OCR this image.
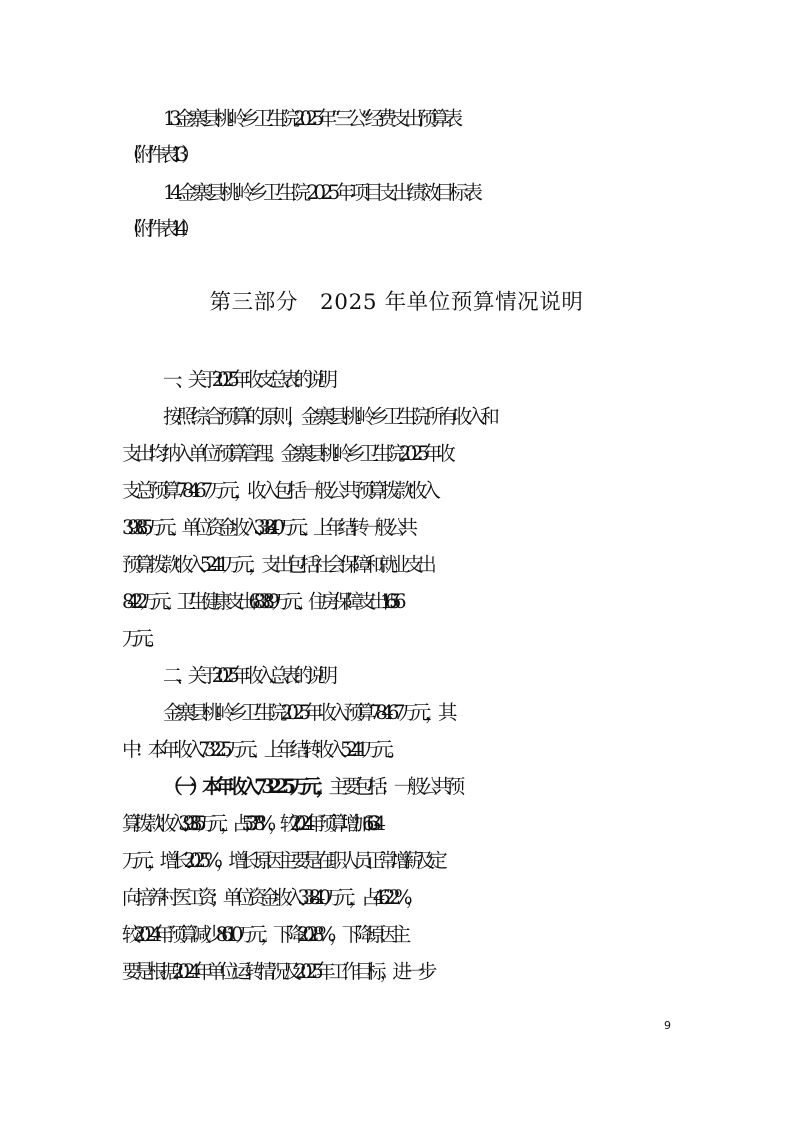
13.金寨县桃岭乡卫生院 2025 年“三公”经费支出预算表
（附件表 13）
14.金寨县桃岭乡卫生院 2025 年项目支出绩效目标表
（附件表 14）
第三部分　2025 年单位预算情况说明
一、关于 2025 年收支总表的说明
按照综合预算的原则，金寨县桃岭乡卫生院所有收入和
支出均纳入单位预算管理。金寨县桃岭乡卫生院 2025 年收
支总预算 784.67 万元，收入包括一般公共预算拨款收入
393.85 万元、单位资金收入 338.40 万元、上年结转一般公共
预算拨款收入 52.41 万元，支出包括社会保障和就业支出
84.22 万元、卫生健康支出 683.89 万元、住房保障支出 16.56
万元。
二、关于 2025 年收入总表的说明
金寨县桃岭乡卫生院 2025 年收入预算 784.67 万元，其
中：本年收入 732.25 万元、上年结转收入 52.41 万元。
（一）本年收入 732.25 万元，主要包括：一般公共预
算拨款收入 393.85 万元，占 53.78%，较 2024 年预算增加 66.34
万元，增长 20.25%，增长原因主要是在职人员正常增薪及定
向培养村医工资；单位资金收入 338.40 万元，占 46.22%，
较 2024 年预算减少 86.10 万元，下降 20.28%，下降原因主
要是根据 2024 年单位运转情况及 2025 年工作目标，进一步
9
